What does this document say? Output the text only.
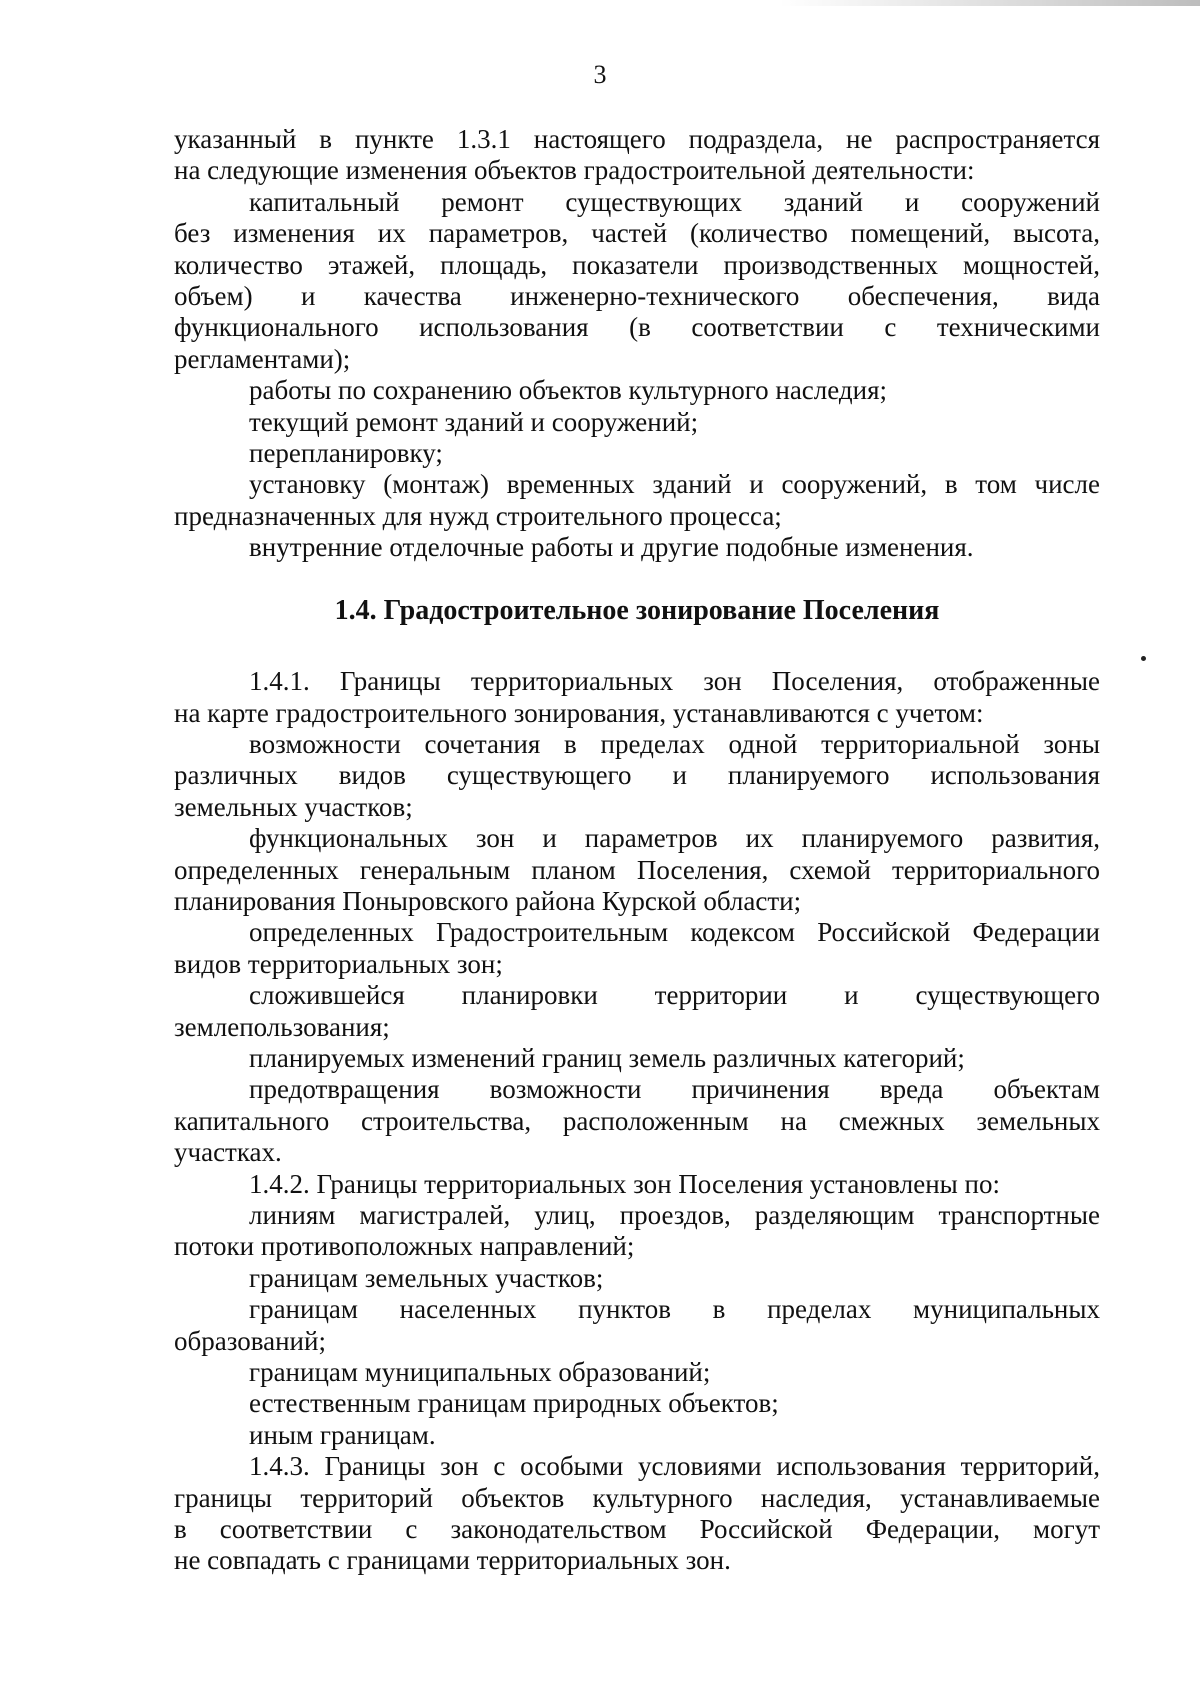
3

указанный в пункте 1.3.1 настоящего подраздела, не распространяется

на следующие изменения объектов градостроительной деятельности:

капитальный ремонт существующих зданий и сооружений

без изменения их параметров, частей (количество помещений, высота,

количество этажей, площадь, показатели производственных мощностей,

объем) и качества инженерно-технического обеспечения, вида

функционального использования (в соответствии с техническими

регламентами);

работы по сохранению объектов культурного наследия;

текущий ремонт зданий и сооружений;

перепланировку;

установку (монтаж) временных зданий и сооружений, в том числе

предназначенных для нужд строительного процесса;

внутренние отделочные работы и другие подобные изменения.

1.4. Градостроительное зонирование Поселения

1.4.1. Границы территориальных зон Поселения, отображенные

на карте градостроительного зонирования, устанавливаются с учетом:

возможности сочетания в пределах одной территориальной зоны

различных видов существующего и планируемого использования

земельных участков;

функциональных зон и параметров их планируемого развития,

определенных генеральным планом Поселения, схемой территориального

планирования Поныровского района Курской области;

определенных Градостроительным кодексом Российской Федерации

видов территориальных зон;

сложившейся планировки территории и существующего

землепользования;

планируемых изменений границ земель различных категорий;

предотвращения возможности причинения вреда объектам

капитального строительства, расположенным на смежных земельных

участках.

1.4.2. Границы территориальных зон Поселения установлены по:

линиям магистралей, улиц, проездов, разделяющим транспортные

потоки противоположных направлений;

границам земельных участков;

границам населенных пунктов в пределах муниципальных

образований;

границам муниципальных образований;

естественным границам природных объектов;

иным границам.

1.4.3. Границы зон с особыми условиями использования территорий,

границы территорий объектов культурного наследия, устанавливаемые

в соответствии с законодательством Российской Федерации, могут

не совпадать с границами территориальных зон.
